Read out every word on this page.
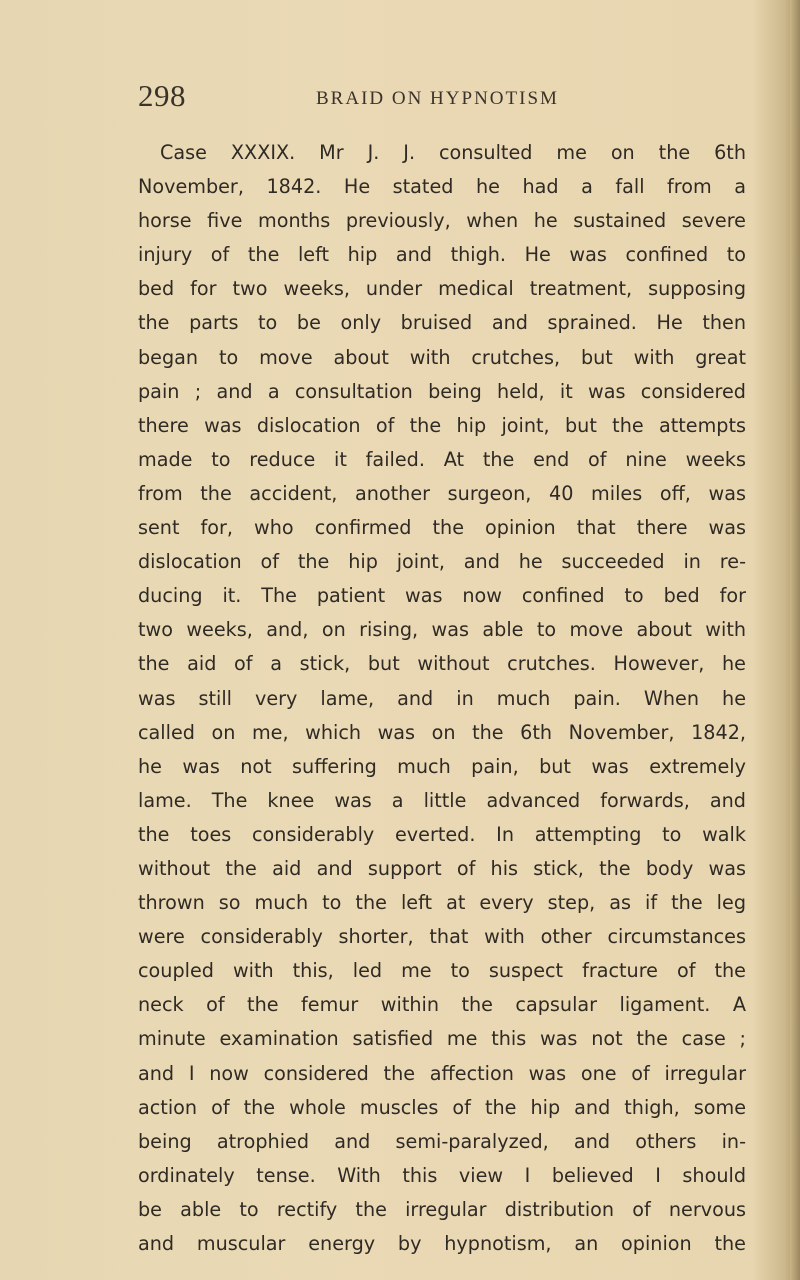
298	BRAID ON HYPNOTISM
Case XXXIX. Mr J. J. consulted me on the 6th
November, 1842. He stated he had a fall from a
horse five months previously, when he sustained severe
injury of the left hip and thigh. He was confined to
bed for two weeks, under medical treatment, supposing
the parts to be only bruised and sprained. He then
began to move about with crutches, but with great
pain ; and a consultation being held, it was considered
there was dislocation of the hip joint, but the attempts
made to reduce it failed. At the end of nine weeks
from the accident, another surgeon, 40 miles off, was
sent for, who confirmed the opinion that there was
dislocation of the hip joint, and he succeeded in re-
ducing it. The patient was now confined to bed for
two weeks, and, on rising, was able to move about with
the aid of a stick, but without crutches. However, he
was still very lame, and in much pain. When he
called on me, which was on the 6th November, 1842,
he was not suffering much pain, but was extremely
lame. The knee was a little advanced forwards, and
the toes considerably everted. In attempting to walk
without the aid and support of his stick, the body was
thrown so much to the left at every step, as if the leg
were considerably shorter, that with other circumstances
coupled with this, led me to suspect fracture of the
neck of the femur within the capsular ligament. A
minute examination satisfied me this was not the case ;
and I now considered the affection was one of irregular
action of the whole muscles of the hip and thigh, some
being atrophied and semi-paralyzed, and others in-
ordinately tense. With this view I believed I should
be able to rectify the irregular distribution of nervous
and muscular energy by hypnotism, an opinion the
